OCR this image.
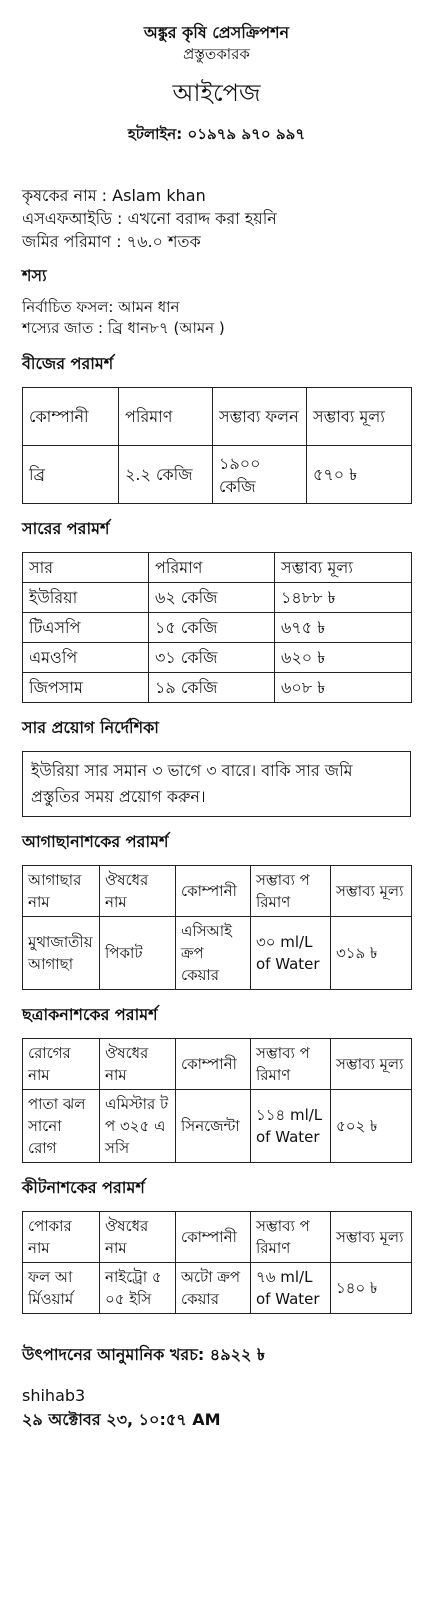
অঙ্কুর কৃষি প্রেসক্রিপশন
প্রস্তুতকারক
আইপেজ
হটলাইন: ০১৯৭৯ ৯৭০ ৯৯৭
কৃষকের নাম : Aslam khan
এসএফআইডি : এখনো বরাদ্দ করা হয়নি
জমির পরিমাণ : ৭৬.০ শতক
শস্য
নির্বাচিত ফসল: আমন ধান
শস্যের জাত : ব্রি ধান৮৭ (আমন )
বীজের পরামর্শ
কোম্পানী	পরিমাণ	সম্ভাব্য ফলন	সম্ভাব্য মূল্য
ব্রি	২.২ কেজি	১৯০০ কেজি	৫৭০ ৳
সারের পরামর্শ
সার	পরিমাণ	সম্ভাব্য মূল্য
ইউরিয়া	৬২ কেজি	১৪৮৮ ৳
টিএসপি	১৫ কেজি	৬৭৫ ৳
এমওপি	৩১ কেজি	৬২০ ৳
জিপসাম	১৯ কেজি	৬০৮ ৳
সার প্রয়োগ নির্দেশিকা
ইউরিয়া সার সমান ৩ ভাগে ৩ বারে। বাকি সার জমি প্রস্তুতির সময় প্রয়োগ করুন।
আগাছানাশকের পরামর্শ
আগাছার নাম	ঔষধের নাম	কোম্পানী	সম্ভাব্য পরিমাণ	সম্ভাব্য মূল্য
মুথাজাতীয় আগাছা	পিকাট	এসিআই ক্রপ কেয়ার	৩০ ml/L of Water	৩১৯ ৳
ছত্রাকনাশকের পরামর্শ
রোগের নাম	ঔষধের নাম	কোম্পানী	সম্ভাব্য পরিমাণ	সম্ভাব্য মূল্য
পাতা ঝলসানো রোগ	এমিস্টার টপ ৩২৫ এসসি	সিনজেন্টা	১১৪ ml/L of Water	৫০২ ৳
কীটনাশকের পরামর্শ
পোকার নাম	ঔষধের নাম	কোম্পানী	সম্ভাব্য পরিমাণ	সম্ভাব্য মূল্য
ফল আর্মিওয়ার্ম	নাইট্রো ৫০৫ ইসি	অটো ক্রপ কেয়ার	৭৬ ml/L of Water	১৪০ ৳
উৎপাদনের আনুমানিক খরচ: ৪৯২২ ৳
shihab3
২৯ অক্টোবর ২৩, ১০:৫৭ AM
